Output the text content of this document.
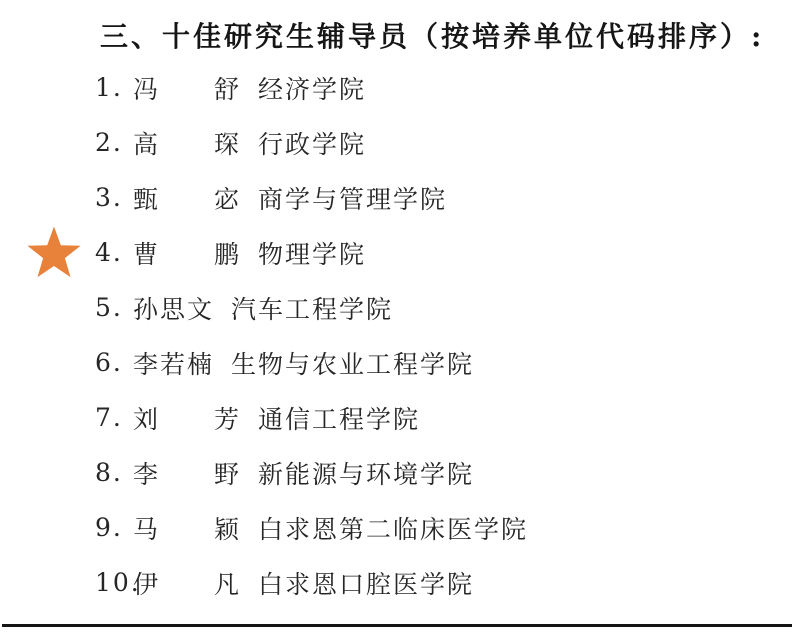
三、十佳研究生辅导员（按培养单位代码排序）:
1. 冯　　舒 经济学院
2. 高　　琛 行政学院
3. 甄　　宓 商学与管理学院
4. 曹　　鹏 物理学院
5. 孙思文 汽车工程学院
6. 李若楠 生物与农业工程学院
7. 刘　　芳 通信工程学院
8. 李　　野 新能源与环境学院
9. 马　　颖 白求恩第二临床医学院
10.
伊　　凡 白求恩口腔医学院
